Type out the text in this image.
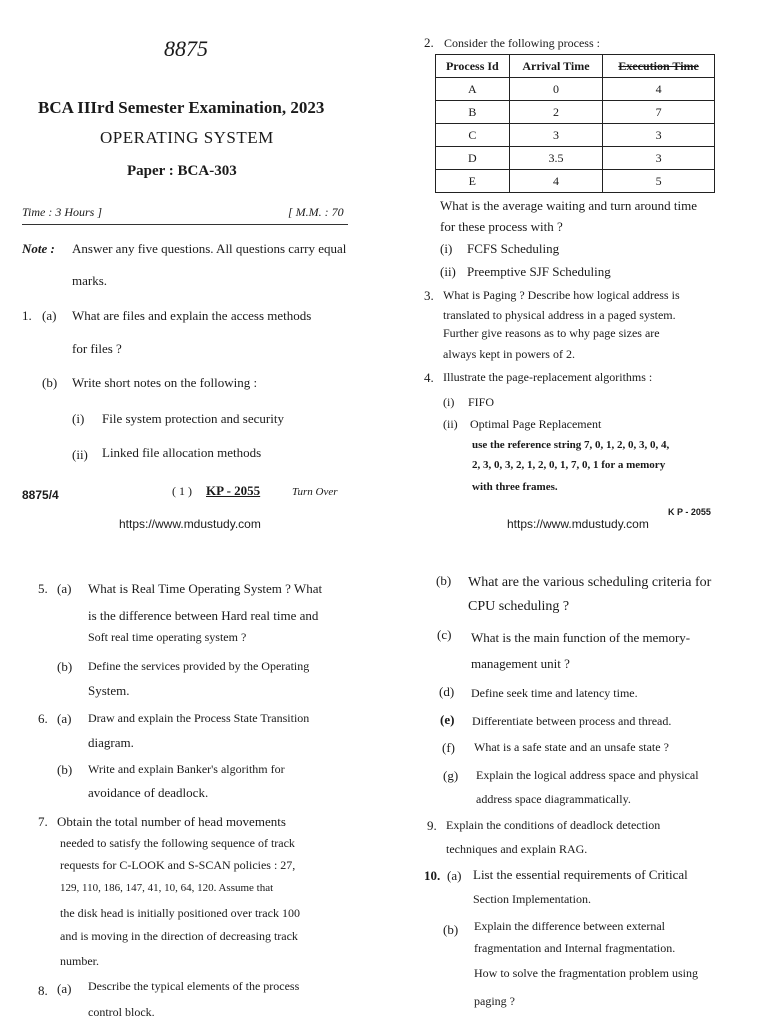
8875
BCA IIIrd Semester Examination, 2023
OPERATING SYSTEM
Paper : BCA-303
Time : 3 Hours ]	[ M.M. : 70
Note : Answer any five questions. All questions carry equal
marks.
1. (a) What are files and explain the access methods
for files ?
(b) Write short notes on the following :
(i) File system protection and security
(ii) Linked file allocation methods
8875/4	( 1 ) KP - 2055	Turn Over
https://www.mdustudy.com
2. Consider the following process :
Process Id	Arrival Time	Execution Time
A	0	4
B	2	7
C	3	3
D	3.5	3
E	4	5
What is the average waiting and turn around time
for these process with ?
(i) FCFS Scheduling
(ii) Preemptive SJF Scheduling
3. What is Paging ? Describe how logical address is
translated to physical address in a paged system.
Further give reasons as to why page sizes are
always kept in powers of 2.
4. Illustrate the page-replacement algorithms :
(i) FIFO
(ii) Optimal Page Replacement
use the reference string 7, 0, 1, 2, 0, 3, 0, 4,
2, 3, 0, 3, 2, 1, 2, 0, 1, 7, 0, 1 for a memory
with three frames.
K P - 2055
https://www.mdustudy.com
5. (a) What is Real Time Operating System ? What
is the difference between Hard real time and
Soft real time operating system ?
(b) Define the services provided by the Operating
System.
6. (a) Draw and explain the Process State Transition
diagram.
(b) Write and explain Banker's algorithm for
avoidance of deadlock.
7. Obtain the total number of head movements
needed to satisfy the following sequence of track
requests for C-LOOK and S-SCAN policies : 27,
129, 110, 186, 147, 41, 10, 64, 120. Assume that
the disk head is initially positioned over track 100
and is moving in the direction of decreasing track
number.
8. (a) Describe the typical elements of the process
control block.
(b) What are the various scheduling criteria for
CPU scheduling ?
(c) What is the main function of the memory-
management unit ?
(d) Define seek time and latency time.
(e) Differentiate between process and thread.
(f) What is a safe state and an unsafe state ?
(g) Explain the logical address space and physical
address space diagrammatically.
9. Explain the conditions of deadlock detection
techniques and explain RAG.
10. (a) List the essential requirements of Critical
Section Implementation.
(b) Explain the difference between external
fragmentation and Internal fragmentation.
How to solve the fragmentation problem using
paging ?
